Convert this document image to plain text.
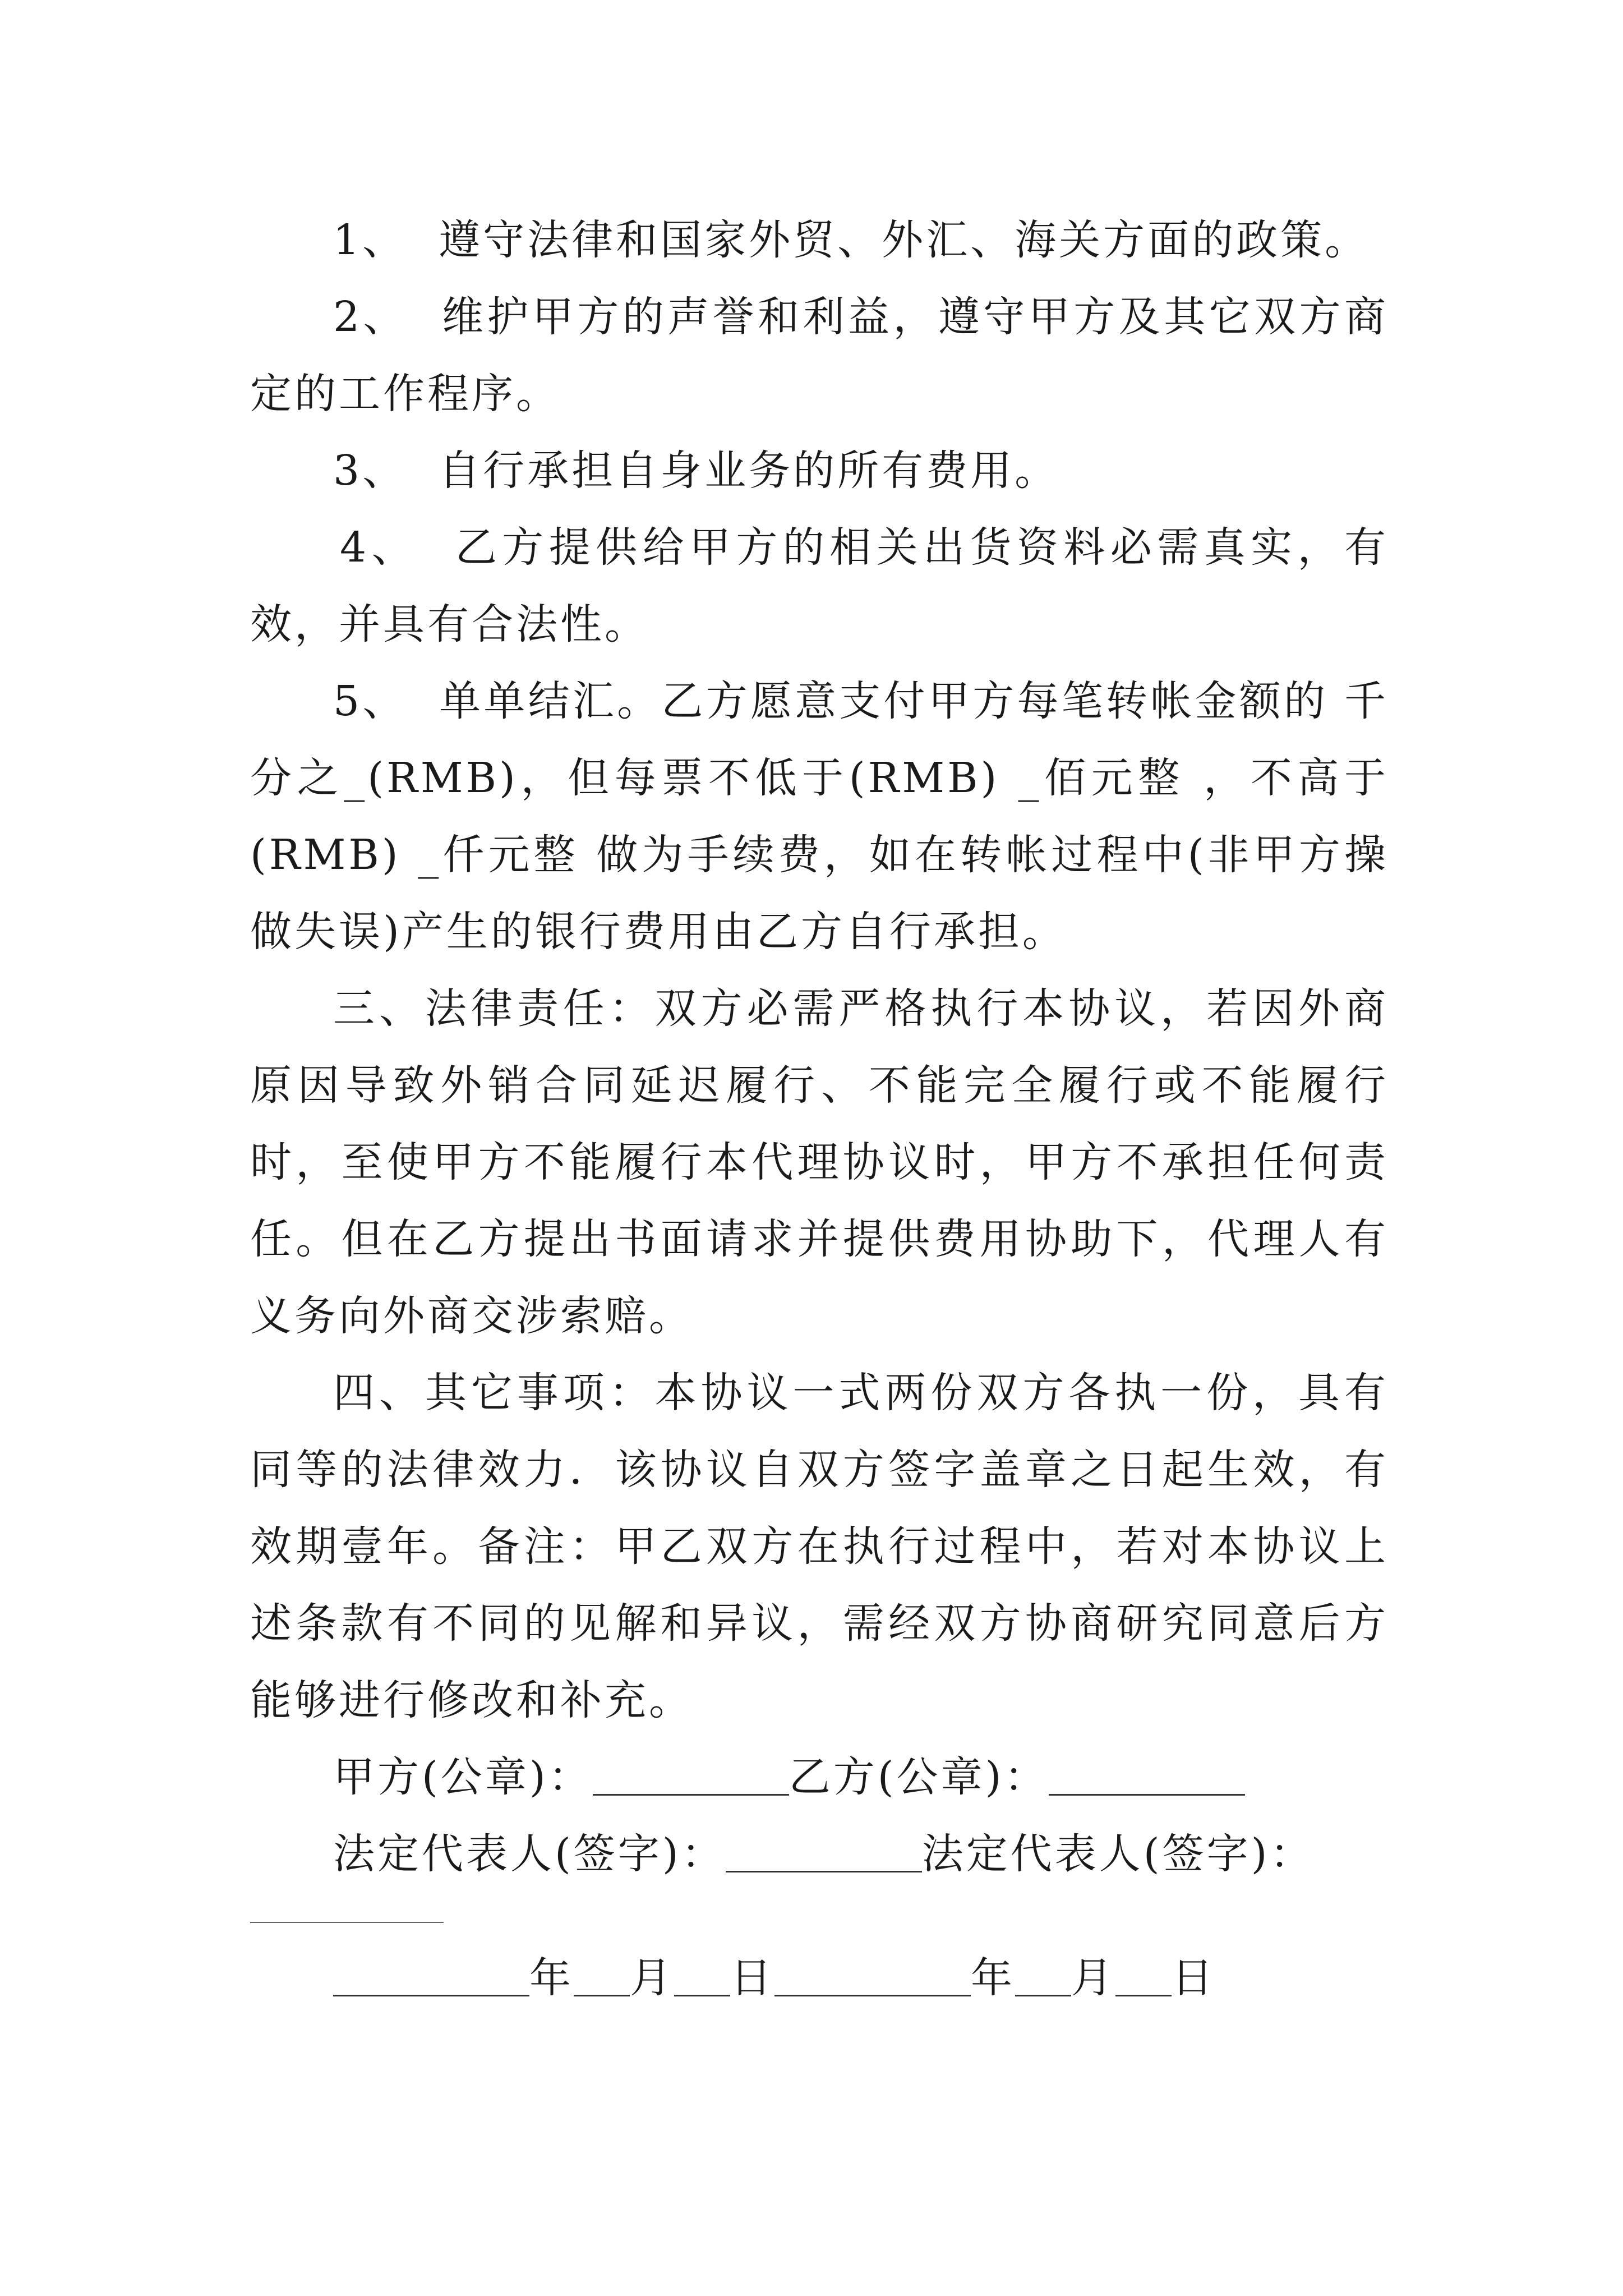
1、 遵守法律和国家外贸、外汇、海关方面的政策。

2、 维护甲方的声誉和利益，遵守甲方及其它双方商定的工作程序。

3、 自行承担自身业务的所有费用。

4、 乙方提供给甲方的相关出货资料必需真实，有效，并具有合法性。

5、 单单结汇。乙方愿意支付甲方每笔转帐金额的 千分之_(RMB)，但每票不低于(RMB) _佰元整 ，不高于(RMB) _仟元整 做为手续费，如在转帐过程中(非甲方操做失误)产生的银行费用由乙方自行承担。

三、法律责任：双方必需严格执行本协议，若因外商原因导致外销合同延迟履行、不能完全履行或不能履行时，至使甲方不能履行本代理协议时，甲方不承担任何责任。但在乙方提出书面请求并提供费用协助下，代理人有义务向外商交涉索赔。

四、其它事项：本协议一式两份双方各执一份，具有同等的法律效力．该协议自双方签字盖章之日起生效，有效期壹年。备注：甲乙双方在执行过程中，若对本协议上述条款有不同的见解和异议，需经双方协商研究同意后方能够进行修改和补充。

甲方(公章)：	乙方(公章)：

法定代表人(签字)：	法定代表人(签字)：

年 月 日	年 月 日
